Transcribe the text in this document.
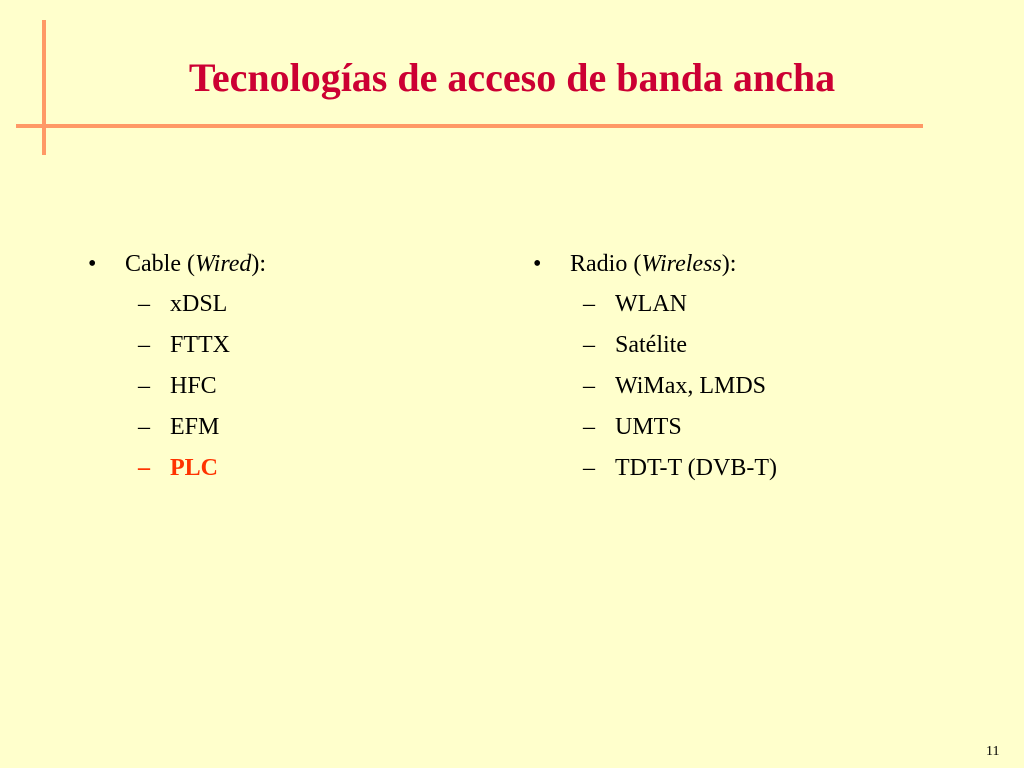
Tecnologías de acceso de banda ancha
•	Cable (Wired):
– xDSL
– FTTX
– HFC
– EFM
– PLC
•	Radio (Wireless):
– WLAN
– Satélite
– WiMax, LMDS
– UMTS
– TDT-T (DVB-T)
11
